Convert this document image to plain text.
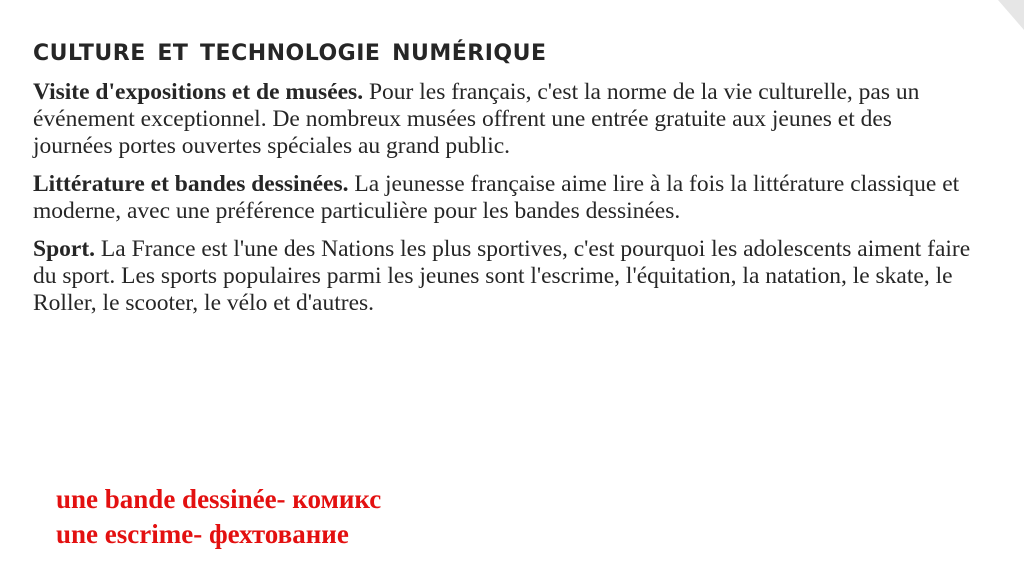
culture et technologie numérique

Visite d'expositions et de musées. Pour les français, c'est la norme de la vie culturelle, pas un événement exceptionnel. De nombreux musées offrent une entrée gratuite aux jeunes et des journées portes ouvertes spéciales au grand public.

Littérature et bandes dessinées. La jeunesse française aime lire à la fois la littérature classique et moderne, avec une préférence particulière pour les bandes dessinées.

Sport. La France est l'une des Nations les plus sportives, c'est pourquoi les adolescents aiment faire du sport. Les sports populaires parmi les jeunes sont l'escrime, l'équitation, la natation, le skate, le Roller, le scooter, le vélo et d'autres.

une bande dessinée- комикс
une escrime- фехтование
